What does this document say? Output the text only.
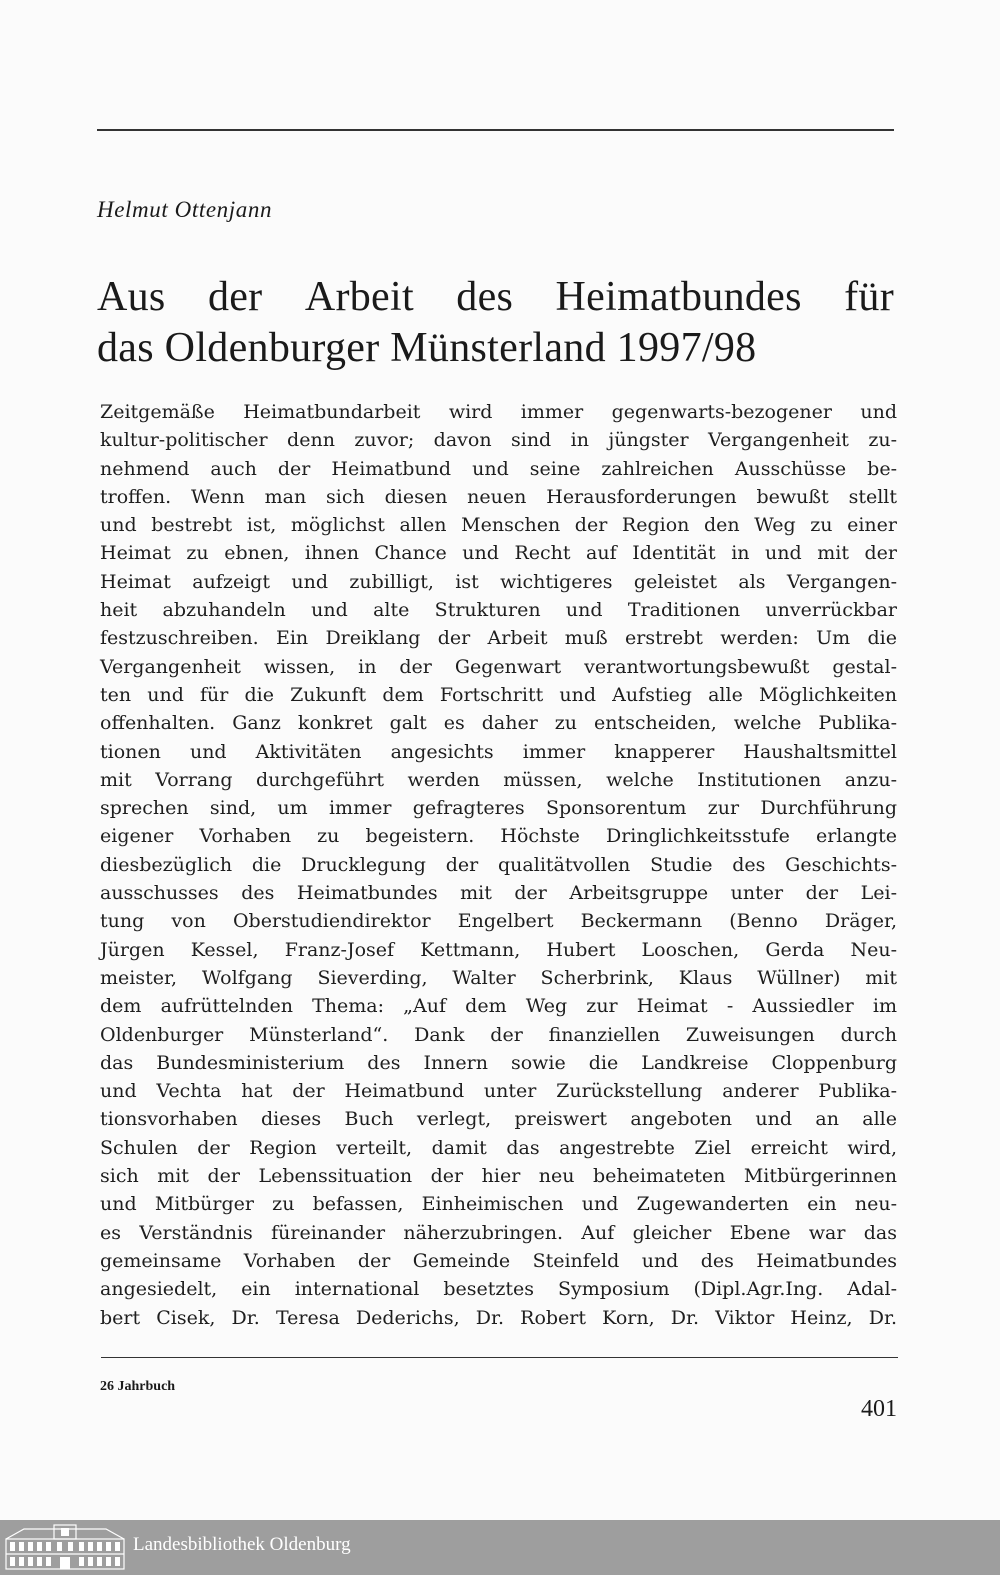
Helmut Ottenjann
Aus der Arbeit des Heimatbundes für
das Oldenburger Münsterland 1997/98
Zeitgemäße Heimatbundarbeit wird immer gegenwarts-bezogener und
kultur-politischer denn zuvor; davon sind in jüngster Vergangenheit zu-
nehmend auch der Heimatbund und seine zahlreichen Ausschüsse be-
troffen. Wenn man sich diesen neuen Herausforderungen bewußt stellt
und bestrebt ist, möglichst allen Menschen der Region den Weg zu einer
Heimat zu ebnen, ihnen Chance und Recht auf Identität in und mit der
Heimat aufzeigt und zubilligt, ist wichtigeres geleistet als Vergangen-
heit abzuhandeln und alte Strukturen und Traditionen unverrückbar
festzuschreiben. Ein Dreiklang der Arbeit muß erstrebt werden: Um die
Vergangenheit wissen, in der Gegenwart verantwortungsbewußt gestal-
ten und für die Zukunft dem Fortschritt und Aufstieg alle Möglichkeiten
offenhalten. Ganz konkret galt es daher zu entscheiden, welche Publika-
tionen und Aktivitäten angesichts immer knapperer Haushaltsmittel
mit Vorrang durchgeführt werden müssen, welche Institutionen anzu-
sprechen sind, um immer gefragteres Sponsorentum zur Durchführung
eigener Vorhaben zu begeistern. Höchste Dringlichkeitsstufe erlangte
diesbezüglich die Drucklegung der qualitätvollen Studie des Geschichts-
ausschusses des Heimatbundes mit der Arbeitsgruppe unter der Lei-
tung von Oberstudiendirektor Engelbert Beckermann (Benno Dräger,
Jürgen Kessel, Franz-Josef Kettmann, Hubert Looschen, Gerda Neu-
meister, Wolfgang Sieverding, Walter Scherbrink, Klaus Wüllner) mit
dem aufrüttelnden Thema: „Auf dem Weg zur Heimat - Aussiedler im
Oldenburger Münsterland“. Dank der finanziellen Zuweisungen durch
das Bundesministerium des Innern sowie die Landkreise Cloppenburg
und Vechta hat der Heimatbund unter Zurückstellung anderer Publika-
tionsvorhaben dieses Buch verlegt, preiswert angeboten und an alle
Schulen der Region verteilt, damit das angestrebte Ziel erreicht wird,
sich mit der Lebenssituation der hier neu beheimateten Mitbürgerinnen
und Mitbürger zu befassen, Einheimischen und Zugewanderten ein neu-
es Verständnis füreinander näherzubringen. Auf gleicher Ebene war das
gemeinsame Vorhaben der Gemeinde Steinfeld und des Heimatbundes
angesiedelt, ein international besetztes Symposium (Dipl.Agr.Ing. Adal-
bert Cisek, Dr. Teresa Dederichs, Dr. Robert Korn, Dr. Viktor Heinz, Dr.
26 Jahrbuch
401
Landesbibliothek Oldenburg
